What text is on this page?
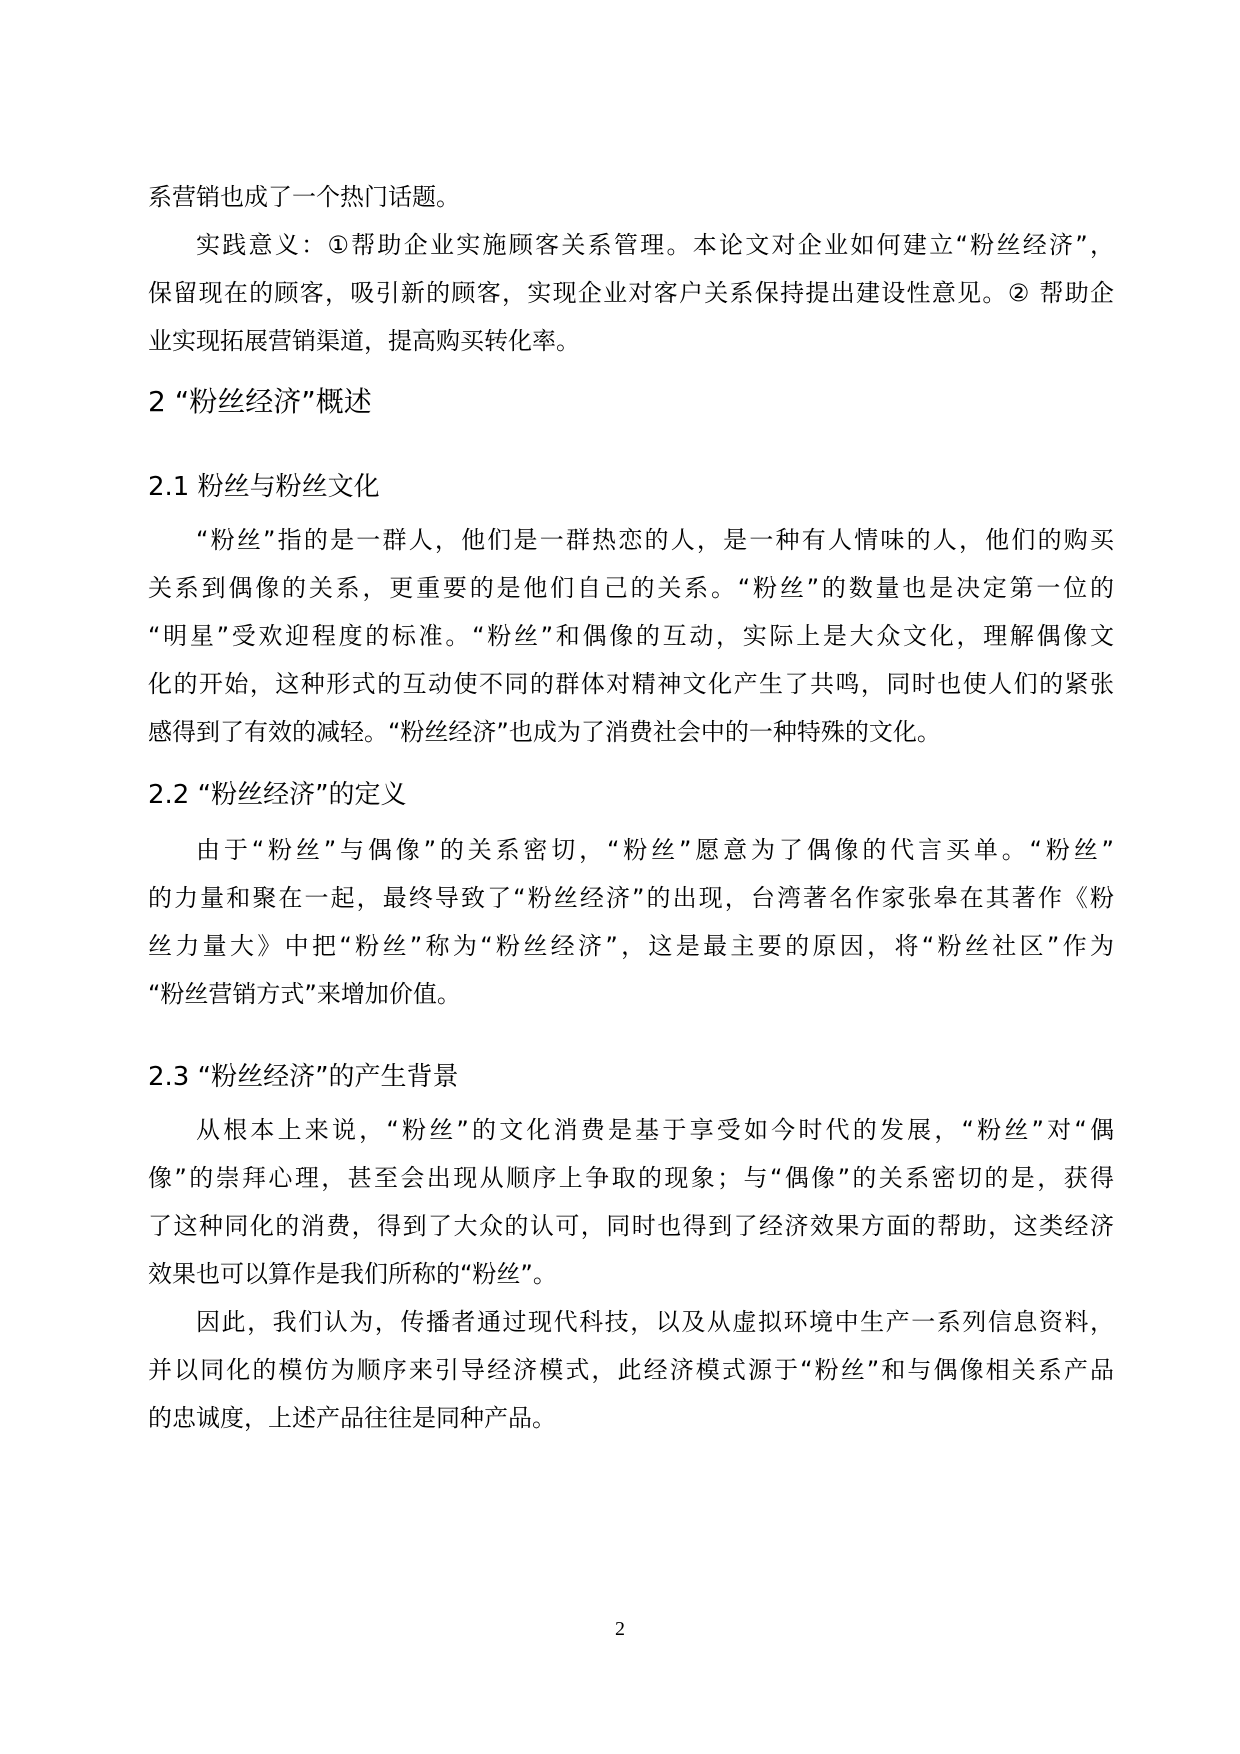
系营销也成了一个热门话题。
实践意义：①帮助企业实施顾客关系管理。本论文对企业如何建立“粉丝经济”，
保留现在的顾客，吸引新的顾客，实现企业对客户关系保持提出建设性意见。② 帮助企
业实现拓展营销渠道，提高购买转化率。
2 “粉丝经济”概述
2.1 粉丝与粉丝文化
“粉丝”指的是一群人，他们是一群热恋的人，是一种有人情味的人，他们的购买
关系到偶像的关系，更重要的是他们自己的关系。“粉丝”的数量也是决定第一位的
“明星”受欢迎程度的标准。“粉丝”和偶像的互动，实际上是大众文化，理解偶像文
化的开始，这种形式的互动使不同的群体对精神文化产生了共鸣，同时也使人们的紧张
感得到了有效的减轻。“粉丝经济”也成为了消费社会中的一种特殊的文化。
2.2 “粉丝经济”的定义
由于“粉丝”与偶像”的关系密切，“粉丝”愿意为了偶像的代言买单。“粉丝”
的力量和聚在一起，最终导致了“粉丝经济”的出现，台湾著名作家张皋在其著作《粉
丝力量大》中把“粉丝”称为“粉丝经济”，这是最主要的原因，将“粉丝社区”作为
“粉丝营销方式”来增加价值。
2.3 “粉丝经济”的产生背景
从根本上来说，“粉丝”的文化消费是基于享受如今时代的发展，“粉丝”对“偶
像”的崇拜心理，甚至会出现从顺序上争取的现象；与“偶像”的关系密切的是，获得
了这种同化的消费，得到了大众的认可，同时也得到了经济效果方面的帮助，这类经济
效果也可以算作是我们所称的“粉丝”。
因此，我们认为，传播者通过现代科技，以及从虚拟环境中生产一系列信息资料，
并以同化的模仿为顺序来引导经济模式，此经济模式源于“粉丝”和与偶像相关系产品
的忠诚度，上述产品往往是同种产品。
2
